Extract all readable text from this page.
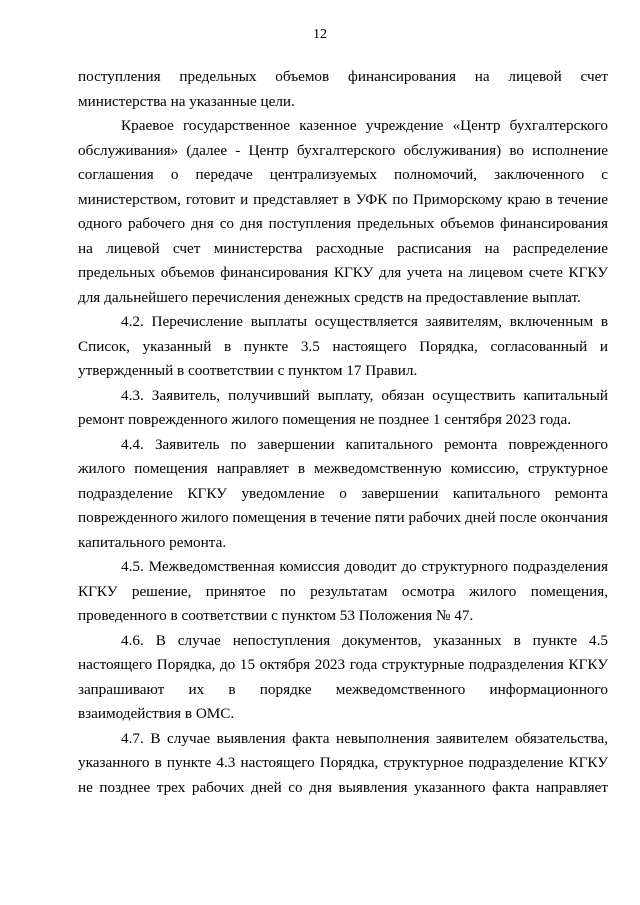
12

поступления предельных объемов финансирования на лицевой счет министерства на указанные цели.

Краевое государственное казенное учреждение «Центр бухгалтерского обслуживания» (далее - Центр бухгалтерского обслуживания) во исполнение соглашения о передаче централизуемых полномочий, заключенного с министерством, готовит и представляет в УФК по Приморскому краю в течение одного рабочего дня со дня поступления предельных объемов финансирования на лицевой счет министерства расходные расписания на распределение предельных объемов финансирования КГКУ для учета на лицевом счете КГКУ для дальнейшего перечисления денежных средств на предоставление выплат.

4.2. Перечисление выплаты осуществляется заявителям, включенным в Список, указанный в пункте 3.5 настоящего Порядка, согласованный и утвержденный в соответствии с пунктом 17 Правил.

4.3. Заявитель, получивший выплату, обязан осуществить капитальный ремонт поврежденного жилого помещения не позднее 1 сентября 2023 года.

4.4. Заявитель по завершении капитального ремонта поврежденного жилого помещения направляет в межведомственную комиссию, структурное подразделение КГКУ уведомление о завершении капитального ремонта поврежденного жилого помещения в течение пяти рабочих дней после окончания капитального ремонта.

4.5. Межведомственная комиссия доводит до структурного подразделения КГКУ решение, принятое по результатам осмотра жилого помещения, проведенного в соответствии с пунктом 53 Положения № 47.

4.6. В случае непоступления документов, указанных в пункте 4.5 настоящего Порядка, до 15 октября 2023 года структурные подразделения КГКУ запрашивают их в порядке межведомственного информационного взаимодействия в ОМС.

4.7. В случае выявления факта невыполнения заявителем обязательства, указанного в пункте 4.3 настоящего Порядка, структурное подразделение КГКУ не позднее трех рабочих дней со дня выявления указанного факта направляет
